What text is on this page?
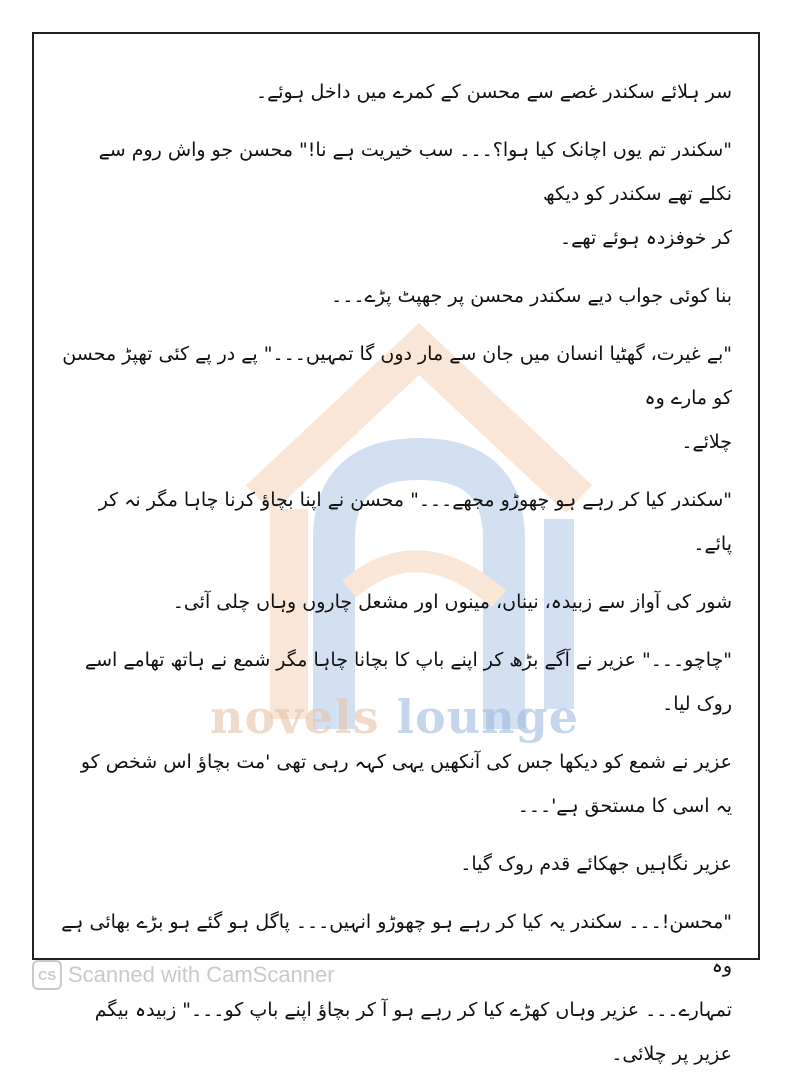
novels lounge

سر ہلائے سکندر غصے سے محسن کے کمرے میں داخل ہوئے۔

"سکندر تم یوں اچانک کیا ہوا؟۔۔۔ سب خیریت ہے نا!" محسن جو واش روم سے نکلے تھے سکندر کو دیکھ

کر خوفزدہ ہوئے تھے۔

بنا کوئی جواب دیے سکندر محسن پر جھپٹ پڑے۔۔۔

"بے غیرت، گھٹیا انسان میں جان سے مار دوں گا تمہیں۔۔۔" پے در پے کئی تھپڑ محسن کو مارے وہ

چلائے۔

"سکندر کیا کر رہے ہو چھوڑو مجھے۔۔۔" محسن نے اپنا بچاؤ کرنا چاہا مگر نہ کر پائے۔

شور کی آواز سے زبیدہ، نیناں، مینوں اور مشعل چاروں وہاں چلی آئی۔

"چاچو۔۔۔" عزیر نے آگے بڑھ کر اپنے باپ کا بچانا چاہا مگر شمع نے ہاتھ تھامے اسے روک لیا۔

عزیر نے شمع کو دیکھا جس کی آنکھیں یہی کہہ رہی تھی 'مت بچاؤ اس شخص کو یہ اسی کا مستحق ہے'۔۔۔

عزیر نگاہیں جھکائے قدم روک گیا۔

"محسن!۔۔۔ سکندر یہ کیا کر رہے ہو چھوڑو انہیں۔۔۔ پاگل ہو گئے ہو بڑے بھائی ہے وہ

تمہارے۔۔۔ عزیر وہاں کھڑے کیا کر رہے ہو آ کر بچاؤ اپنے باپ کو۔۔۔" زبیدہ بیگم عزیر پر چلائی۔

CS Scanned with CamScanner
